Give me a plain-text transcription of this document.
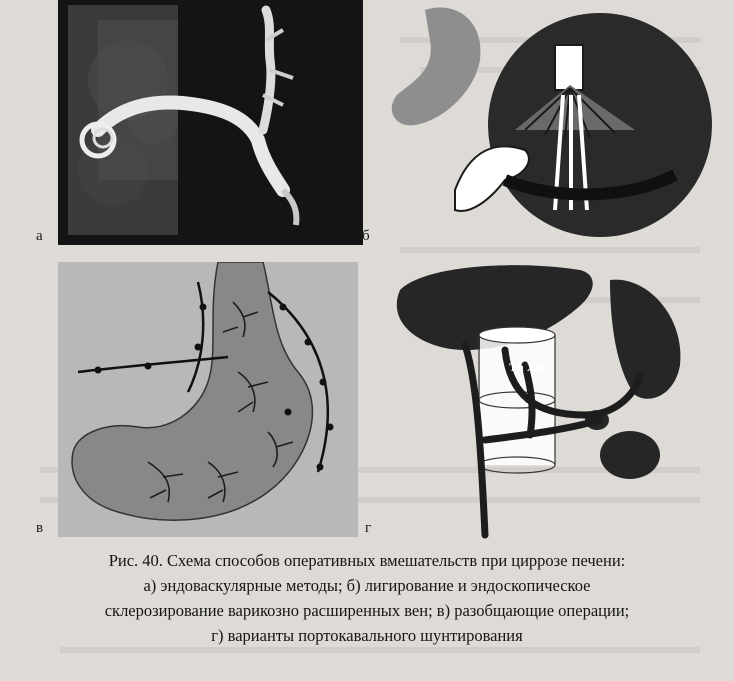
а	б
в
Th XII
г
Рис. 40. Схема способов оперативных вмешательств при циррозе печени:
а) эндоваскулярные методы; б) лигирование и эндоскопическое
склерозирование варикозно расширенных вен; в) разобщающие операции;
г) варианты портокавального шунтирования
